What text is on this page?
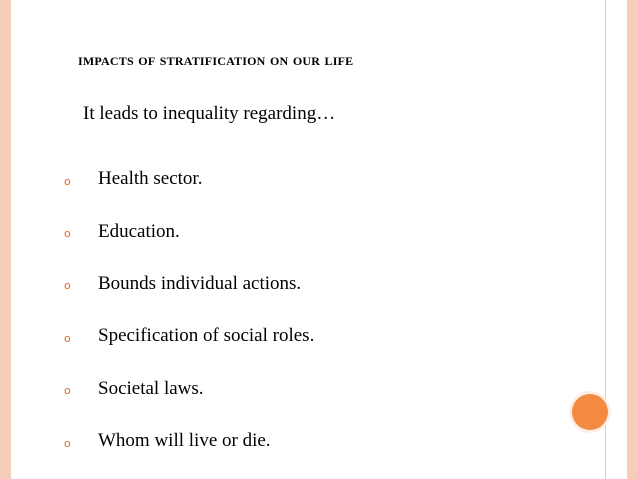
impacts of stratification on our life
It leads to inequality regarding…
o	Health sector.
o	Education.
o	Bounds individual actions.
o	Specification of social roles.
o	Societal laws.
o	Whom will live or die.
